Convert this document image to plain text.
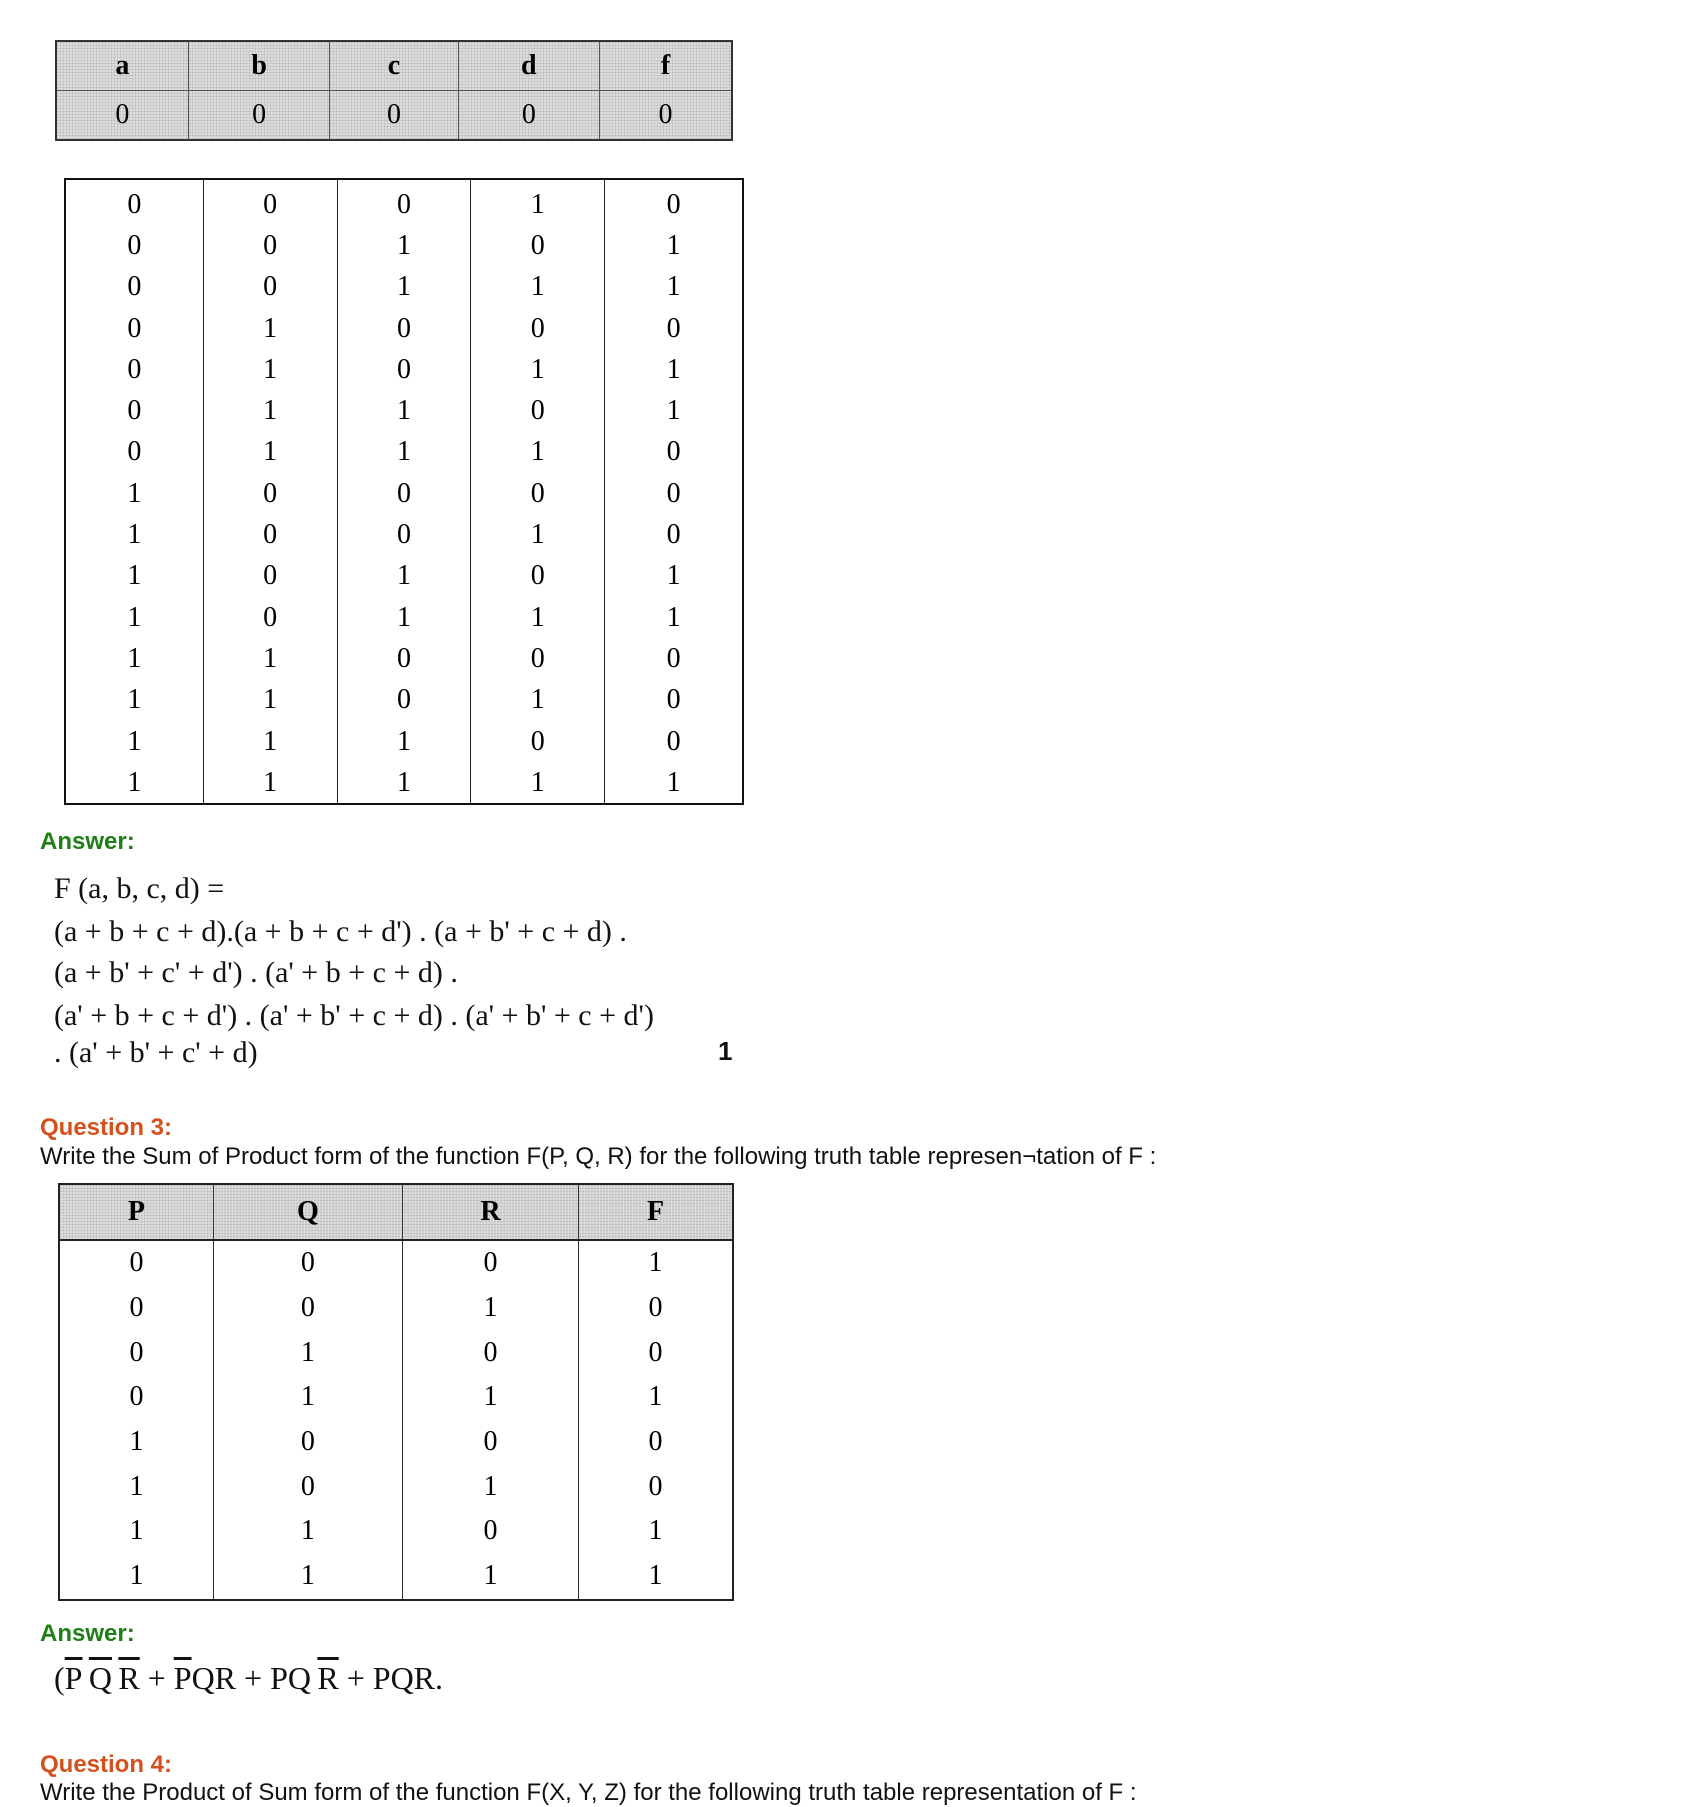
a	b	c	d	f
0	0	0	0	0
0	0	0	1	0
0	0	1	0	1
0	0	1	1	1
0	1	0	0	0
0	1	0	1	1
0	1	1	0	1
0	1	1	1	0
1	0	0	0	0
1	0	0	1	0
1	0	1	0	1
1	0	1	1	1
1	1	0	0	0
1	1	0	1	0
1	1	1	0	0
1	1	1	1	1
Answer:
F (a, b, c, d) =
(a + b + c + d).(a + b + c + d') . (a + b' + c + d) .
(a + b' + c' + d') . (a' + b + c + d) .
(a' + b + c + d') . (a' + b' + c + d) . (a' + b' + c + d')
. (a' + b' + c' + d)	1
Question 3:
Write the Sum of Product form of the function F(P, Q, R) for the following truth table represen¬tation of F :
P	Q	R	F
0	0	0	1
0	0	1	0
0	1	0	0
0	1	1	1
1	0	0	0
1	0	1	0
1	1	0	1
1	1	1	1
Answer:
($\overline{P}$  $\overline{Q}$  $\overline{R} + \overline{P}QR$ + PQ  $\overline{R}$ + PQR.
Question 4:
Write the Product of Sum form of the function F(X, Y, Z) for the following truth table representation of F :
